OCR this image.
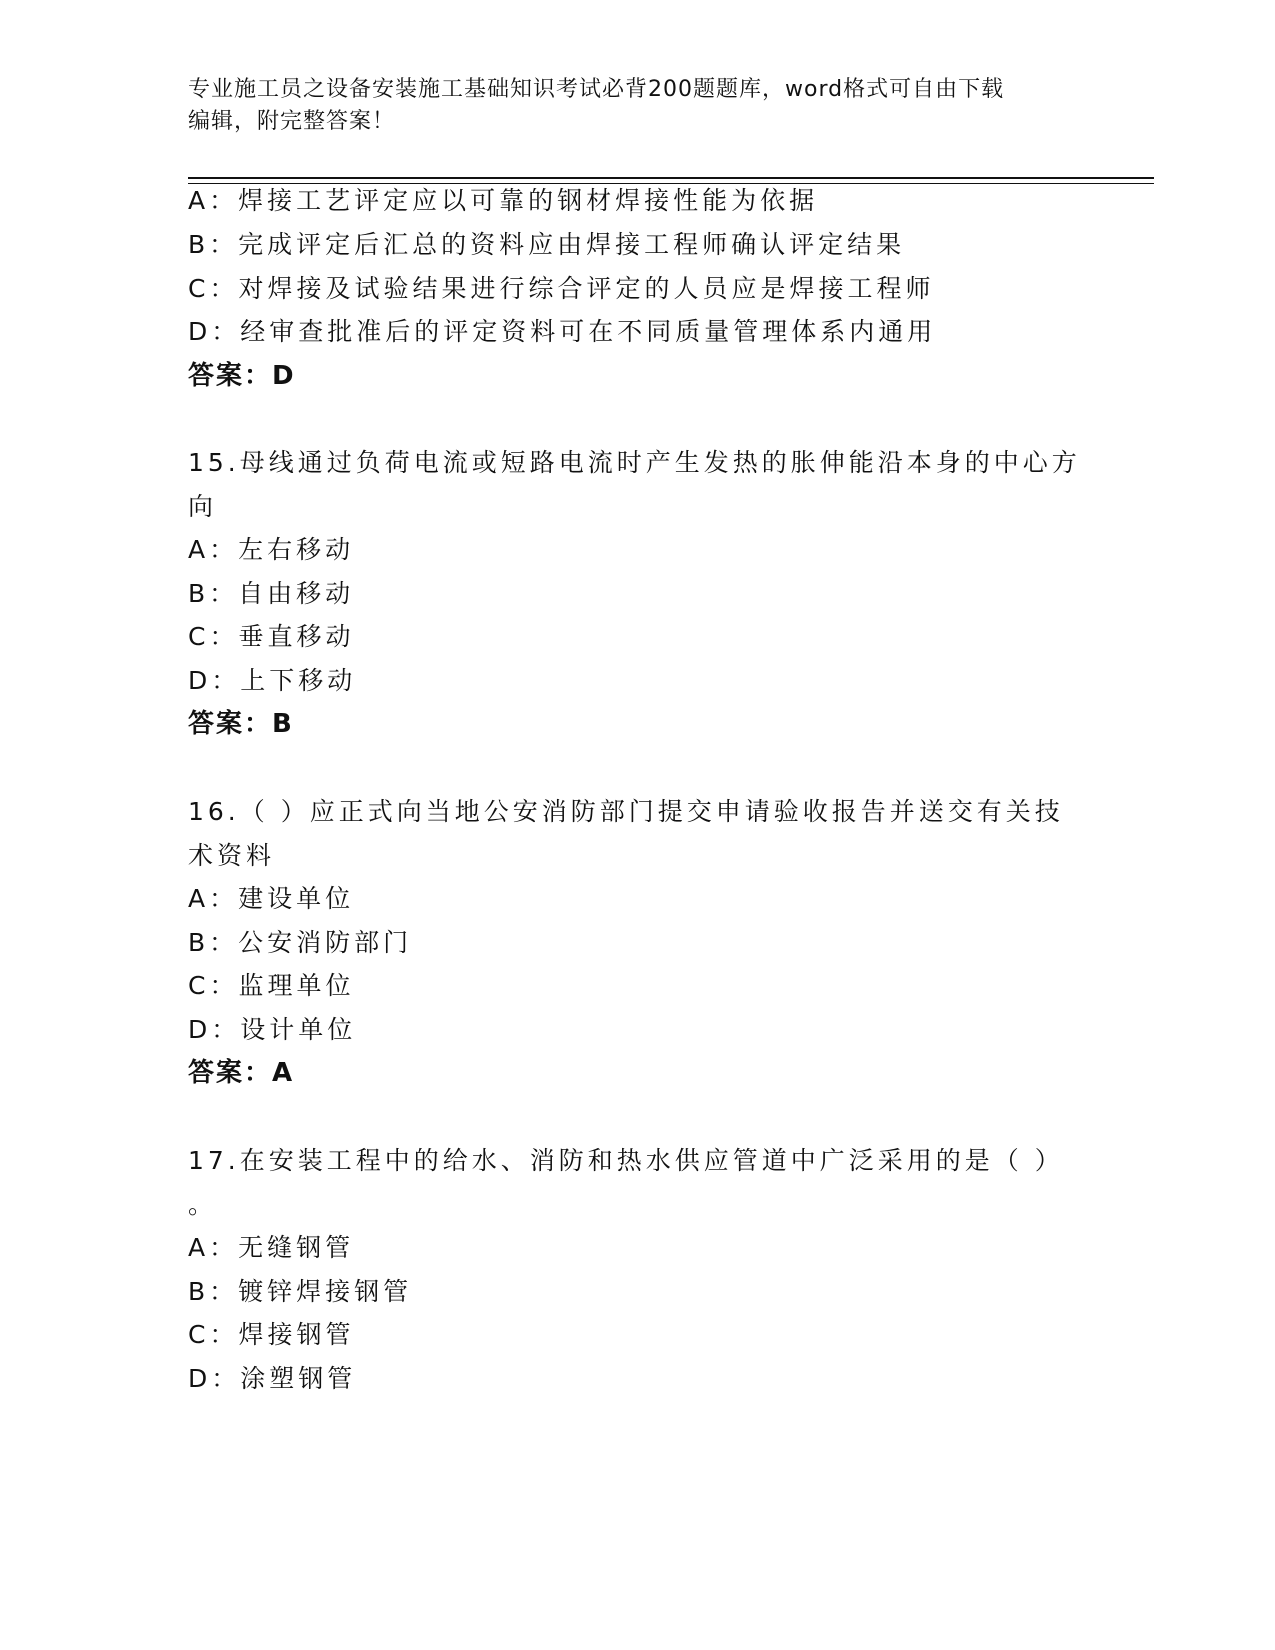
专业施工员之设备安装施工基础知识考试必背200题题库，word格式可自由下载
编辑，附完整答案！
A：焊接工艺评定应以可靠的钢材焊接性能为依据
B：完成评定后汇总的资料应由焊接工程师确认评定结果
C：对焊接及试验结果进行综合评定的人员应是焊接工程师
D：经审查批准后的评定资料可在不同质量管理体系内通用
答案：D
15.母线通过负荷电流或短路电流时产生发热的胀伸能沿本身的中心方
向
A：左右移动
B：自由移动
C：垂直移动
D：上下移动
答案：B
16.（ ）应正式向当地公安消防部门提交申请验收报告并送交有关技
术资料
A：建设单位
B：公安消防部门
C：监理单位
D：设计单位
答案：A
17.在安装工程中的给水、消防和热水供应管道中广泛采用的是（ ）
。
A：无缝钢管
B：镀锌焊接钢管
C：焊接钢管
D：涂塑钢管
